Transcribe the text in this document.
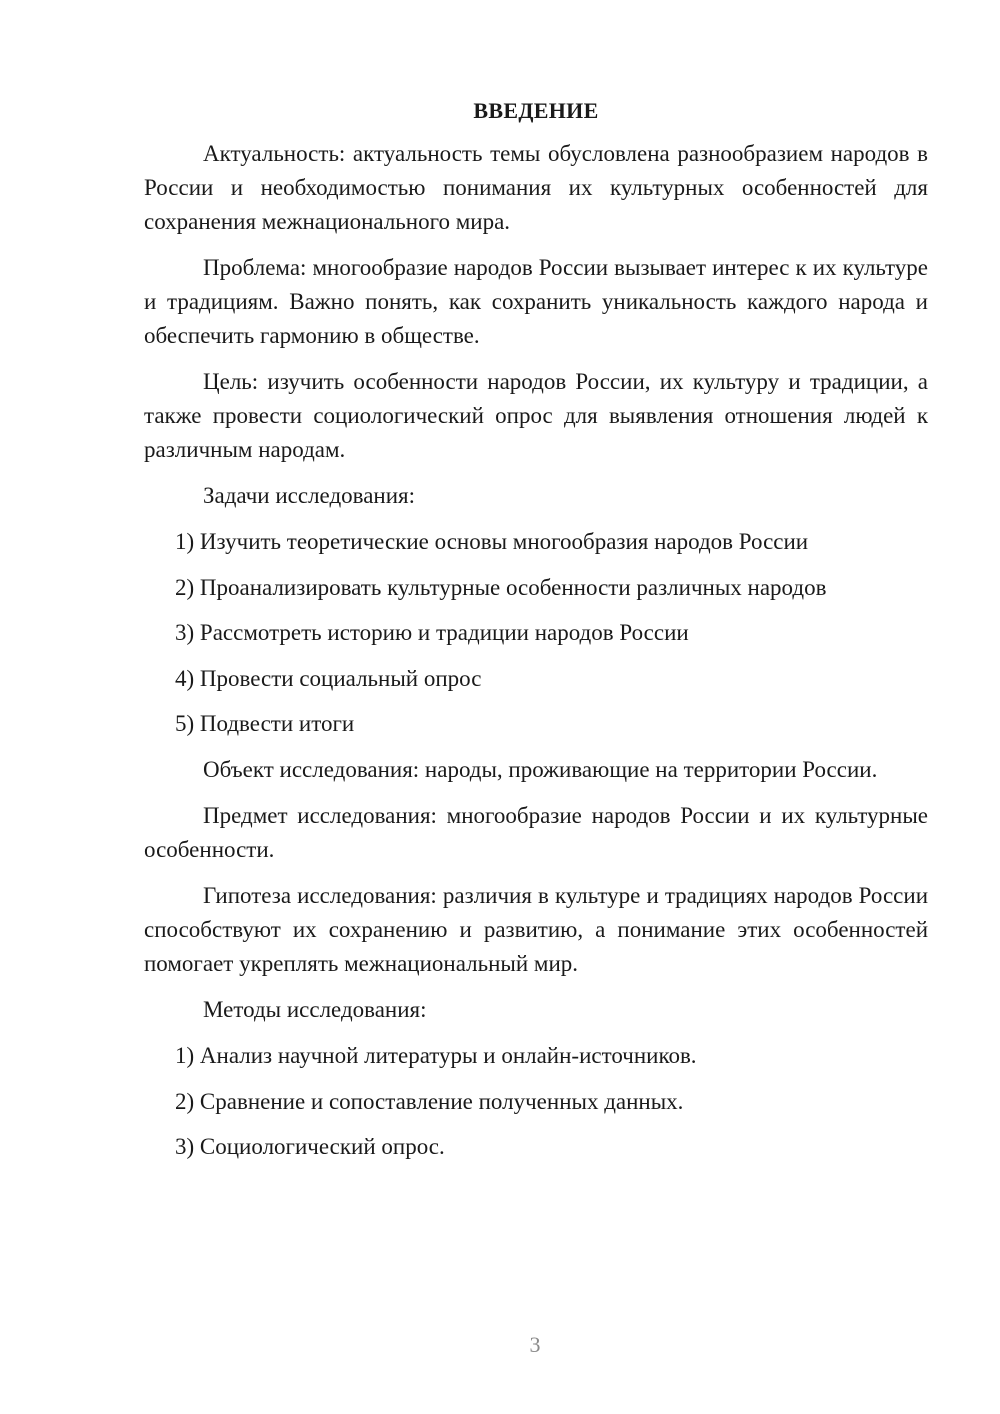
ВВЕДЕНИЕ

Актуальность: актуальность темы обусловлена разнообразием народов в России и необходимостью понимания их культурных особенностей для сохранения межнационального мира.

Проблема: многообразие народов России вызывает интерес к их культуре и традициям. Важно понять, как сохранить уникальность каждого народа и обеспечить гармонию в обществе.

Цель: изучить особенности народов России, их культуру и традиции, а также провести социологический опрос для выявления отношения людей к различным народам.

Задачи исследования:

1) Изучить теоретические основы многообразия народов России
2) Проанализировать культурные особенности различных народов
3) Рассмотреть историю и традиции народов России
4) Провести социальный опрос
5) Подвести итоги

Объект исследования: народы, проживающие на территории России.

Предмет исследования: многообразие народов России и их культурные особенности.

Гипотеза исследования: различия в культуре и традициях народов России способствуют их сохранению и развитию, а понимание этих особенностей помогает укреплять межнациональный мир.

Методы исследования:

1) Анализ научной литературы и онлайн-источников.
2) Сравнение и сопоставление полученных данных.
3) Социологический опрос.
3
